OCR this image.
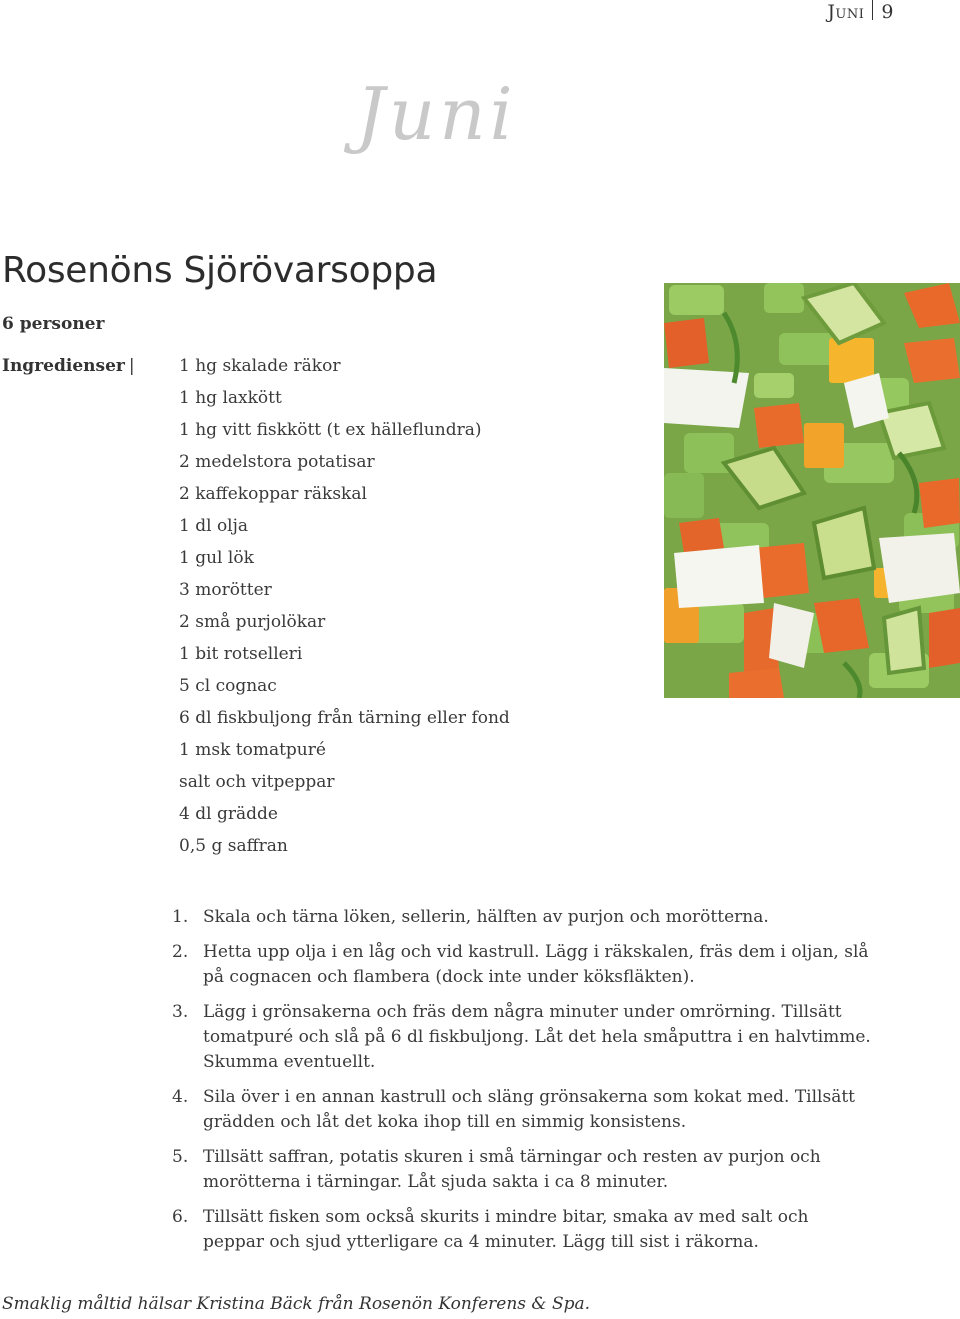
Juni 9
Juni
Rosenöns Sjörövarsoppa
6 personer
Ingredienser |	1 hg skalade räkor
1 hg laxkött
1 hg vitt fiskkött (t ex hälleflundra)
2 medelstora potatisar
2 kaffekoppar räkskal
1 dl olja
1 gul lök
3 morötter
2 små purjolökar
1 bit rotselleri
5 cl cognac
6 dl fiskbuljong från tärning eller fond
1 msk tomatpuré
salt och vitpeppar
4 dl grädde
0,5 g saffran
1. Skala och tärna löken, sellerin, hälften av purjon och morötterna.
2. Hetta upp olja i en låg och vid kastrull. Lägg i räkskalen, fräs dem i oljan, slå på cognacen och flambera (dock inte under köksfläkten).
3. Lägg i grönsakerna och fräs dem några minuter under omrörning. Tillsätt tomatpuré och slå på 6 dl fiskbuljong. Låt det hela småputtra i en halvtimme. Skumma eventuellt.
4. Sila över i en annan kastrull och släng grönsakerna som kokat med. Tillsätt grädden och låt det koka ihop till en simmig konsistens.
5. Tillsätt saffran, potatis skuren i små tärningar och resten av purjon och morötterna i tärningar. Låt sjuda sakta i ca 8 minuter.
6. Tillsätt fisken som också skurits i mindre bitar, smaka av med salt och peppar och sjud ytterligare ca 4 minuter. Lägg till sist i räkorna.
Smaklig måltid hälsar Kristina Bäck från Rosenön Konferens & Spa.
